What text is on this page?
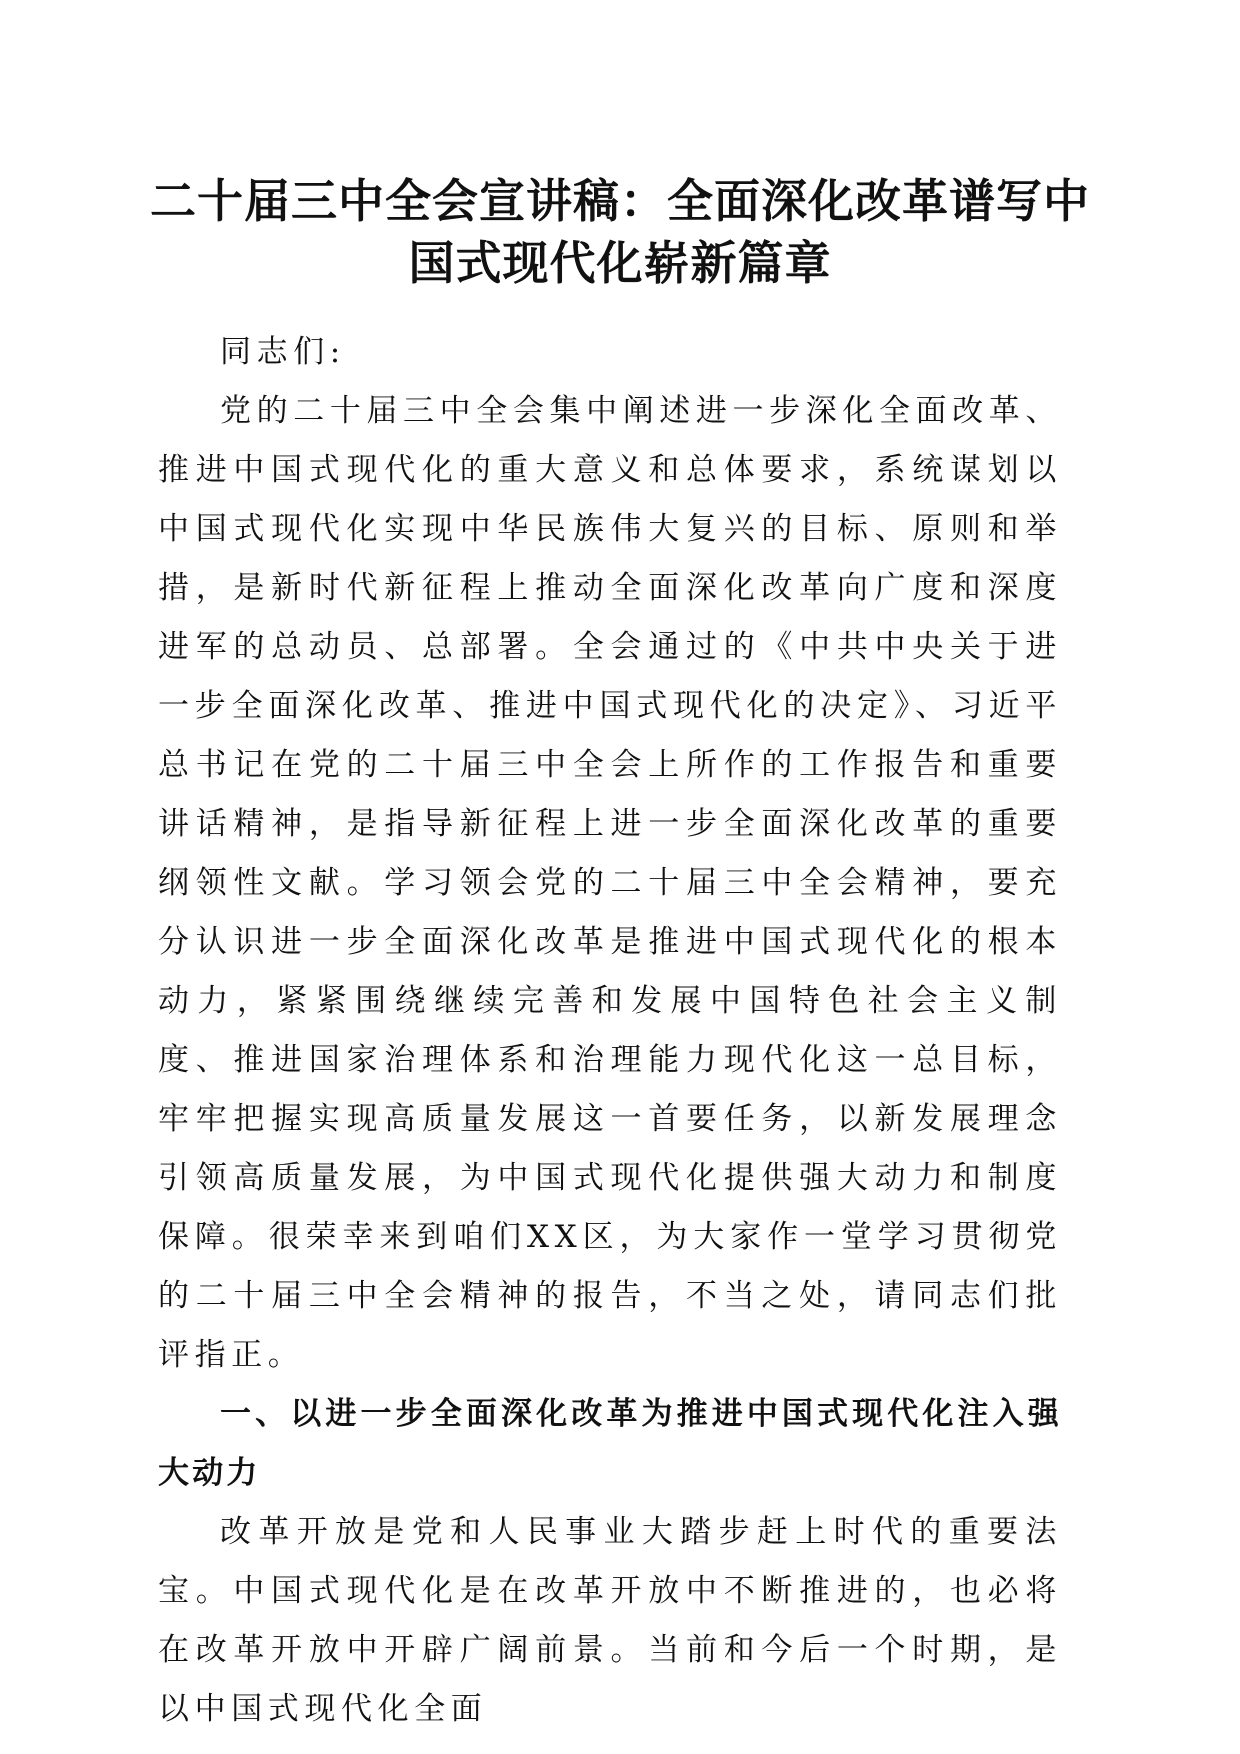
二十届三中全会宣讲稿：全面深化改革谱写中国式现代化崭新篇章

同志们:

党的二十届三中全会集中阐述进一步深化全面改革、推进中国式现代化的重大意义和总体要求，系统谋划以中国式现代化实现中华民族伟大复兴的目标、原则和举措，是新时代新征程上推动全面深化改革向广度和深度进军的总动员、总部署。全会通过的《中共中央关于进一步全面深化改革、推进中国式现代化的决定》、习近平总书记在党的二十届三中全会上所作的工作报告和重要讲话精神，是指导新征程上进一步全面深化改革的重要纲领性文献。学习领会党的二十届三中全会精神，要充分认识进一步全面深化改革是推进中国式现代化的根本动力，紧紧围绕继续完善和发展中国特色社会主义制度、推进国家治理体系和治理能力现代化这一总目标，牢牢把握实现高质量发展这一首要任务，以新发展理念引领高质量发展，为中国式现代化提供强大动力和制度保障。很荣幸来到咱们XX区，为大家作一堂学习贯彻党的二十届三中全会精神的报告，不当之处，请同志们批评指正。

一、以进一步全面深化改革为推进中国式现代化注入强大动力

改革开放是党和人民事业大踏步赶上时代的重要法宝。中国式现代化是在改革开放中不断推进的，也必将在改革开放中开辟广阔前景。当前和今后一个时期，是以中国式现代化全面
